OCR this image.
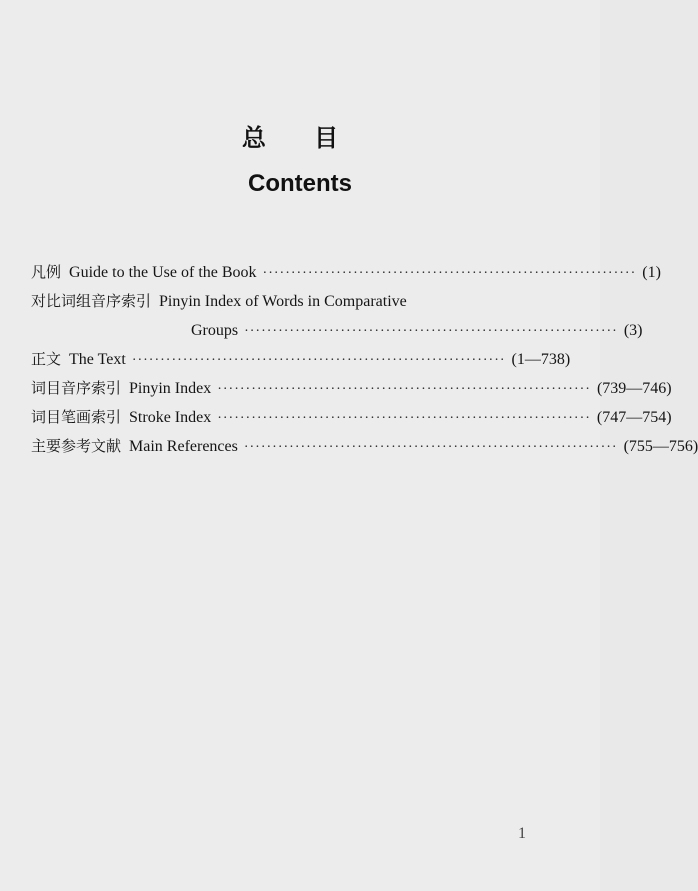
总 目
Contents
凡例 Guide to the Use of the Book ·································································· (1)
对比词组音序索引 Pinyin Index of Words in Comparative
Groups ·································································· (3)
正文 The Text ·································································· (1—738)
词目音序索引 Pinyin Index ·································································· (739—746)
词目笔画索引 Stroke Index ·································································· (747—754)
主要参考文献 Main References ·································································· (755—756)
1
